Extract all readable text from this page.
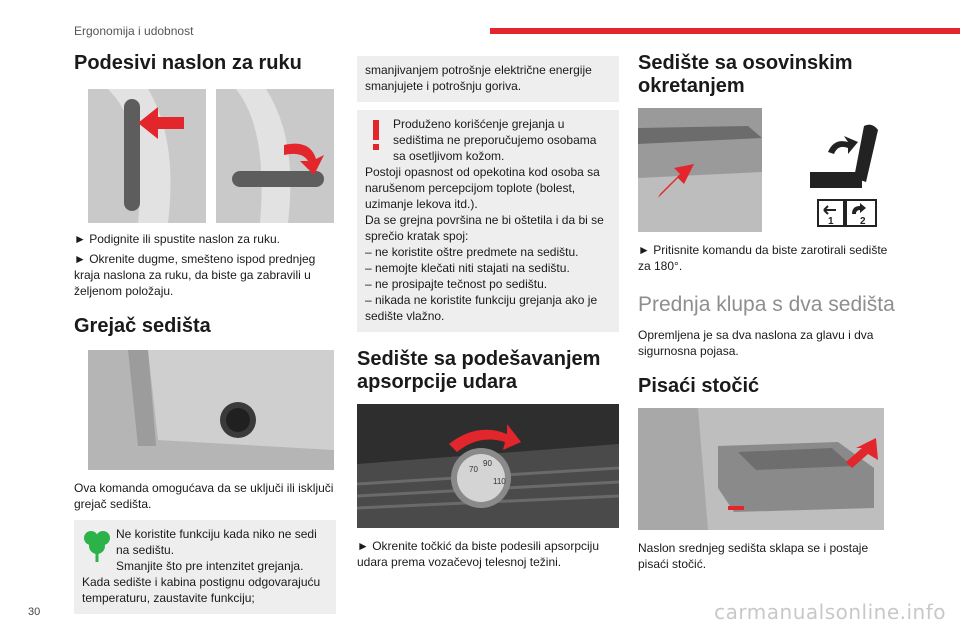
Ergonomija i udobnost
Podesivi naslon za ruku

► Podignite ili spustite naslon za ruku.

► Okrenite dugme, smešteno ispod prednjeg kraja naslona za ruku, da biste ga zabravili u željenom položaju.

Grejač sedišta

Ova komanda omogućava da se uključi ili isključi grejač sedišta.

Ne koristite funkciju kada niko ne sedi na sedištu.
Smanjite što pre intenzitet grejanja.
Kada sedište i kabina postignu odgovarajuću temperaturu, zaustavite funkciju;
smanjivanjem potrošnje električne energije smanjujete i potrošnju goriva.
Produženo korišćenje grejanja u sedištima ne preporučujemo osobama sa osetljivom kožom.
Postoji opasnost od opekotina kod osoba sa narušenom percepcijom toplote (bolest, uzimanje lekova itd.).
Da se grejna površina ne bi oštetila i da bi se sprečio kratak spoj:
– ne koristite oštre predmete na sedištu.
– nemojte klečati niti stajati na sedištu.
– ne prosipajte tečnost po sedištu.
– nikada ne koristite funkciju grejanja ako je sedište vlažno.
Sedište sa podešavanjem apsorpcije udara
70
90
110

► Okrenite točkić da biste podesili apsorpciju udara prema vozačevoj telesnoj težini.

Sedište sa osovinskim okretanjem
1	2

► Pritisnite komandu da biste zarotirali sedište za 180°.

Prednja klupa s dva sedišta

Opremljena je sa dva naslona za glavu i dva sigurnosna pojasa.

Pisaći stočić

Naslon srednjeg sedišta sklapa se i postaje pisaći stočić.

30	carmanualsonline.info
